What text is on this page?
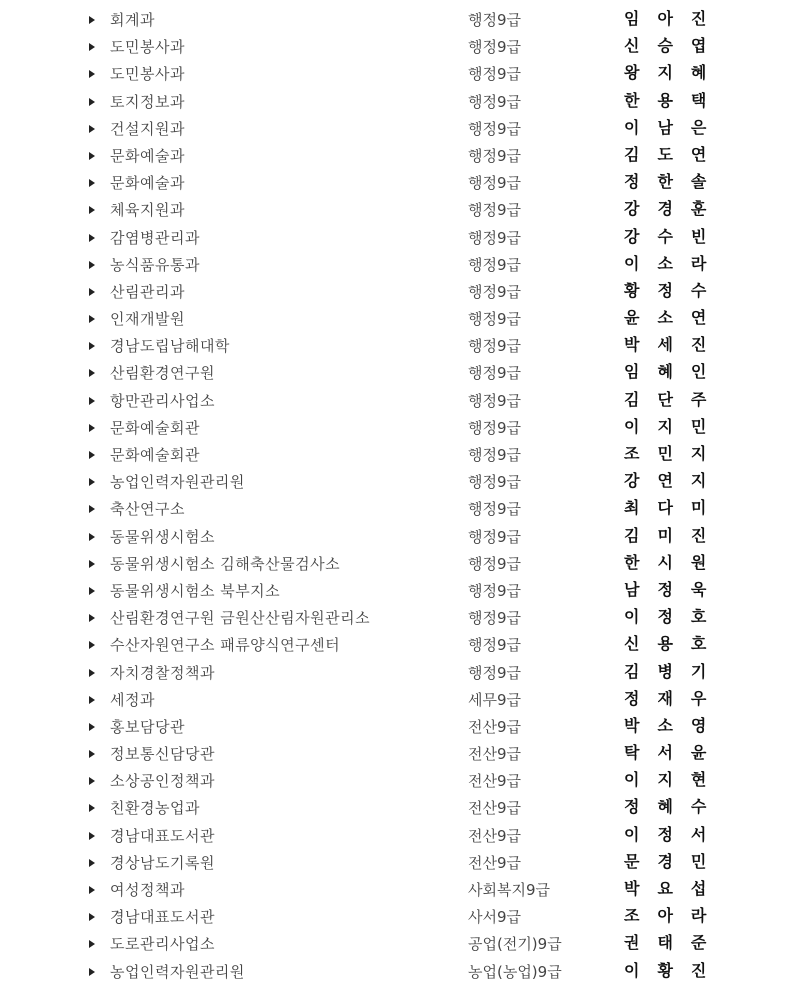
회계과	행정9급	임아진
도민봉사과	행정9급	신승엽
도민봉사과	행정9급	왕지혜
토지정보과	행정9급	한용택
건설지원과	행정9급	이남은
문화예술과	행정9급	김도연
문화예술과	행정9급	정한솔
체육지원과	행정9급	강경훈
감염병관리과	행정9급	강수빈
농식품유통과	행정9급	이소라
산림관리과	행정9급	황정수
인재개발원	행정9급	윤소연
경남도립남해대학	행정9급	박세진
산림환경연구원	행정9급	임혜인
항만관리사업소	행정9급	김단주
문화예술회관	행정9급	이지민
문화예술회관	행정9급	조민지
농업인력자원관리원	행정9급	강연지
축산연구소	행정9급	최다미
동물위생시험소	행정9급	김미진
동물위생시험소 김해축산물검사소	행정9급	한시원
동물위생시험소 북부지소	행정9급	남정욱
산림환경연구원 금원산산림자원관리소	행정9급	이정호
수산자원연구소 패류양식연구센터	행정9급	신용호
자치경찰정책과	행정9급	김병기
세정과	세무9급	정재우
홍보담당관	전산9급	박소영
정보통신담당관	전산9급	탁서윤
소상공인정책과	전산9급	이지현
친환경농업과	전산9급	정혜수
경남대표도서관	전산9급	이정서
경상남도기록원	전산9급	문경민
여성정책과	사회복지9급	박요섭
경남대표도서관	사서9급	조아라
도로관리사업소	공업(전기)9급	권태준
농업인력자원관리원	농업(농업)9급	이황진
